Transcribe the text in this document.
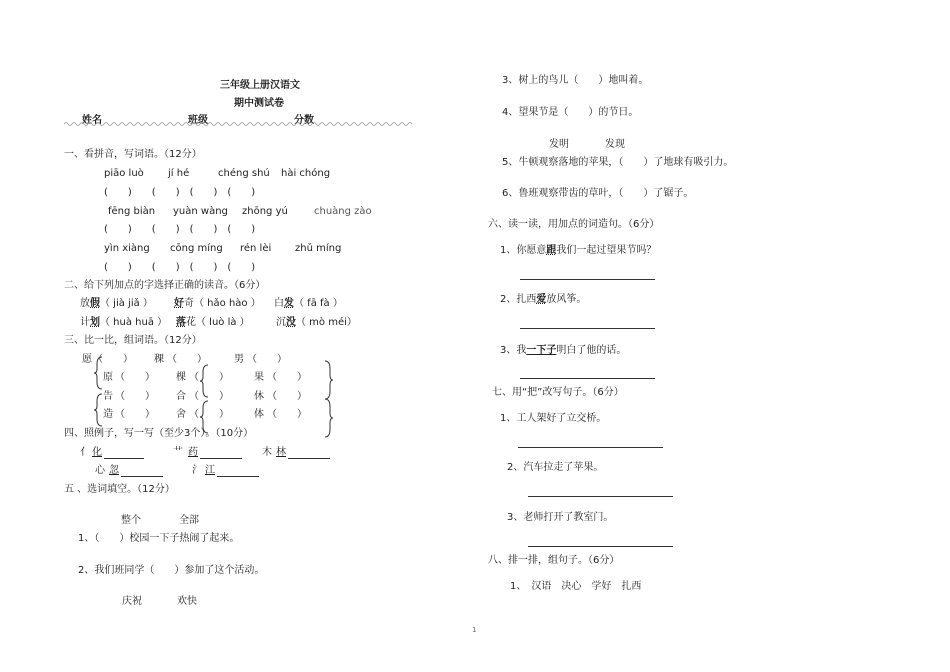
三年级上册汉语文
期中测试卷
姓名	班级	分数
一、看拼音，写词语。（12分）
piāo luò jí hé	chéng shú hài chóng
(　　)　　(　　)　(　　)　(　　)
fēng biàn yuàn wàng zhōng yú	chuàng zào
(　　)　　(　　)　(　　)　(　　)
yìn xiàng cōng míng rén lèi zhǔ míng
(　　)　　(　　)　(　　)　(　　)
二、给下列加点的字选择正确的读音。（6分）
放假（ jià jiǎ ） 好奇（ hǎo hào ） 白发（ fā fà ）
计划（ huà huā ） 落花（ luò là ）	沉没（ mò méi）
三、比一比，组词语。（12分）
愿 （　　） 稞 （　　）	男 （　　）
原 （　　） 棵 （　　）	果 （　　）
告 （　　） 合 （　　）	休 （　　）
造 （　　） 舍 （　　）	体 （　　）
四、照例子，写一写（至少3个）。（10分）
亻 化	艹 药	木 林
心 忽	氵 江
五 、选词填空。（12分）
整个	全部
1、（　　）校园一下子热闹了起来。
2、我们班同学（　　）参加了这个活动。
庆祝	欢快
3、树上的鸟儿（　　）地叫着。
4、望果节是（　　）的节日。
发明	发现
5、牛顿观察落地的苹果，（　　）了地球有吸引力。
6、鲁班观察带齿的草叶，（　　）了锯子。
六、读一读，用加点的词造句。（6分）
1、你愿意跟我们一起过望果节吗？
2、扎西爱放风筝。
3、我一下子明白了他的话。
七、用“把”改写句子。（6分）
1、工人架好了立交桥。
2、汽车拉走了苹果。
3、老师打开了教室门。
八、排一排，组句子。（6分）
1、　汉语　决心　学好　扎西
1
